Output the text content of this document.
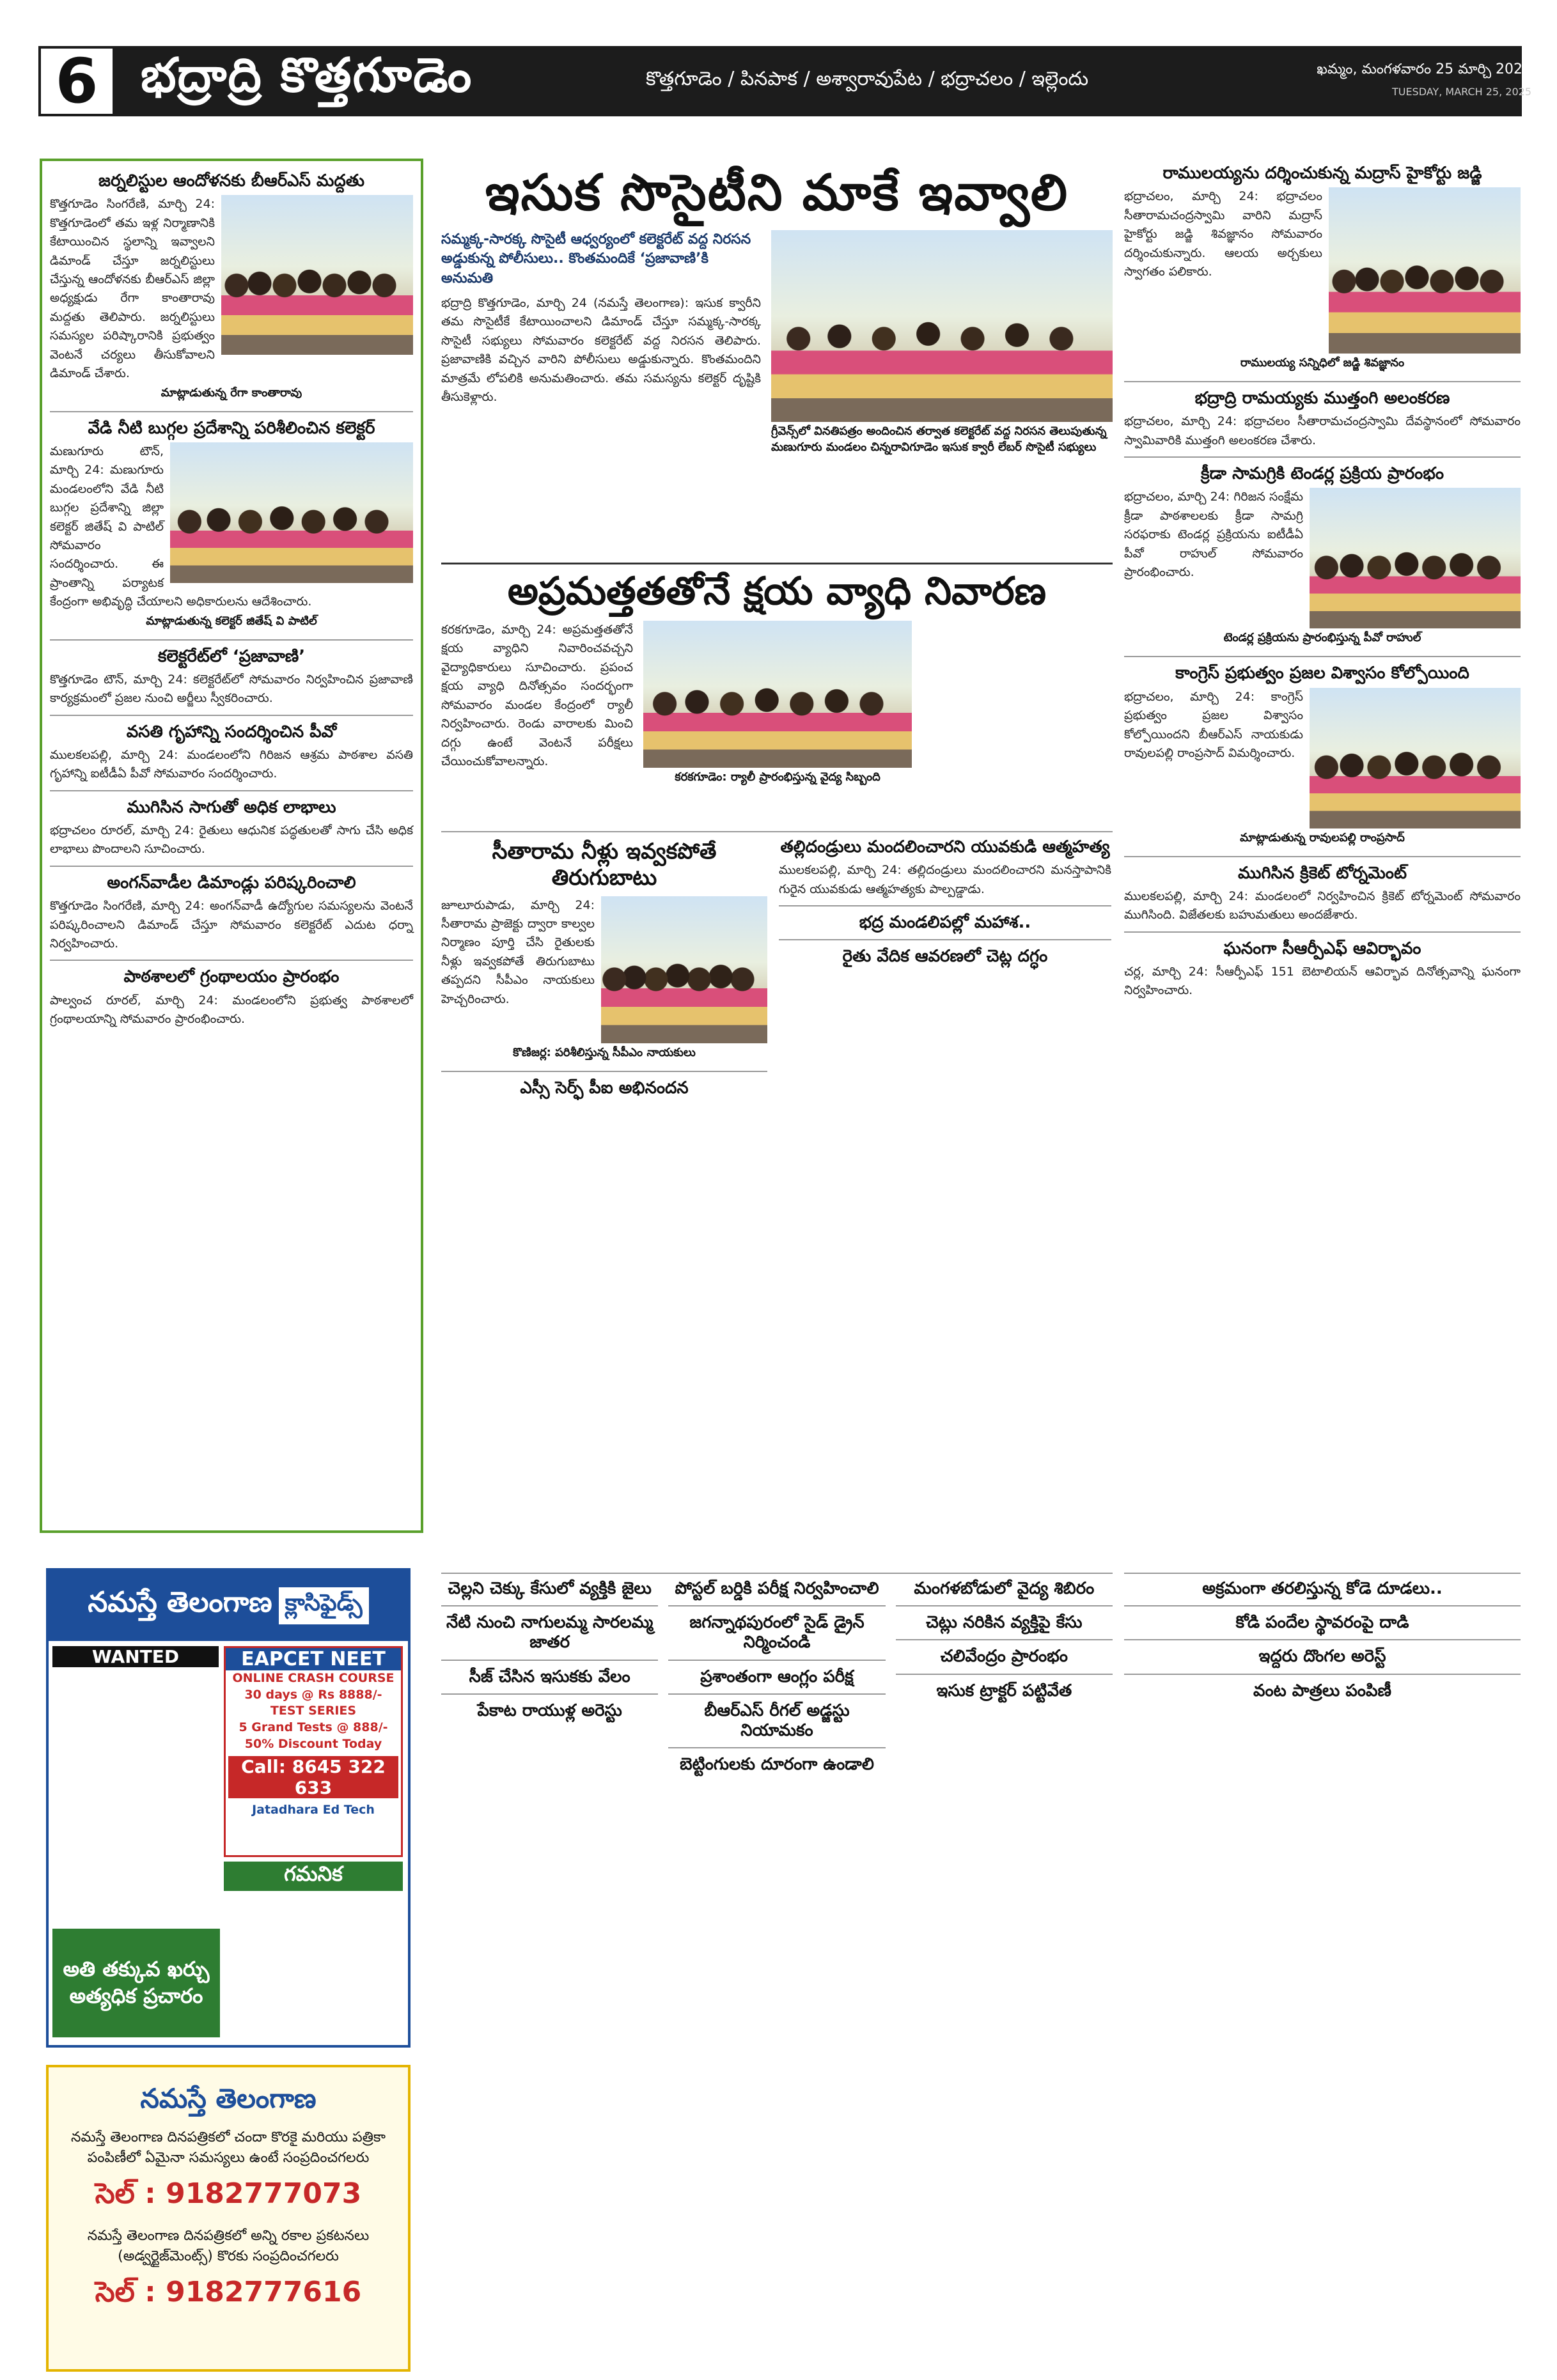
6 భద్రాద్రి కొత్తగూడెం	కొత్తగూడెం / పినపాక / అశ్వారావుపేట / భద్రాచలం / ఇల్లెందు	ఖమ్మం, మంగళవారం 25 మార్చి 2025
TUESDAY, MARCH 25, 2025
జర్నలిస్టుల ఆందోళనకు బీఆర్ఎస్ మద్దతు
కొత్తగూడెం సింగరేణి, మార్చి 24: కొత్తగూడెంలో తమ ఇళ్ల నిర్మాణానికి కేటాయించిన స్థలాన్ని ఇవ్వాలని డిమాండ్ చేస్తూ జర్నలిస్టులు చేస్తున్న ఆందోళనకు బీఆర్ఎస్ జిల్లా అధ్యక్షుడు రేగా కాంతారావు మద్దతు తెలిపారు. జర్నలిస్టులు సమస్యల పరిష్కారానికి ప్రభుత్వం వెంటనే చర్యలు తీసుకోవాలని డిమాండ్ చేశారు.
మాట్లాడుతున్న రేగా కాంతారావు
వేడి నీటి బుగ్గల ప్రదేశాన్ని పరిశీలించిన కలెక్టర్
మణుగూరు టౌన్, మార్చి 24: మణుగూరు మండలంలోని వేడి నీటి బుగ్గల ప్రదేశాన్ని జిల్లా కలెక్టర్ జితేష్ వి పాటిల్ సోమవారం సందర్శించారు. ఈ ప్రాంతాన్ని పర్యాటక కేంద్రంగా అభివృద్ధి చేయాలని అధికారులను ఆదేశించారు.
మాట్లాడుతున్న కలెక్టర్ జితేష్ వి పాటిల్
కలెక్టరేట్‌లో ‘ప్రజావాణి’
కొత్తగూడెం టౌన్, మార్చి 24: కలెక్టరేట్‌లో సోమవారం నిర్వహించిన ప్రజావాణి కార్యక్రమంలో ప్రజల నుంచి అర్జీలు స్వీకరించారు.
వసతి గృహాన్ని సందర్శించిన పీవో
ములకలపల్లి, మార్చి 24: మండలంలోని గిరిజన ఆశ్రమ పాఠశాల వసతి గృహాన్ని ఐటీడీఏ పీవో సోమవారం సందర్శించారు.
ముగిసిన సాగుతో అధిక లాభాలు
భద్రాచలం రూరల్, మార్చి 24: రైతులు ఆధునిక పద్ధతులతో సాగు చేసి అధిక లాభాలు పొందాలని సూచించారు.
అంగన్‌వాడీల డిమాండ్లు పరిష్కరించాలి
కొత్తగూడెం సింగరేణి, మార్చి 24: అంగన్‌వాడీ ఉద్యోగుల సమస్యలను వెంటనే పరిష్కరించాలని డిమాండ్ చేస్తూ సోమవారం కలెక్టరేట్ ఎదుట ధర్నా నిర్వహించారు.
పాఠశాలలో గ్రంథాలయం ప్రారంభం
పాల్వంచ రూరల్, మార్చి 24: మండలంలోని ప్రభుత్వ పాఠశాలలో గ్రంథాలయాన్ని సోమవారం ప్రారంభించారు.
ఇసుక సొసైటీని మాకే ఇవ్వాలి
సమ్మక్క-సారక్క సొసైటీ ఆధ్వర్యంలో కలెక్టరేట్ వద్ద నిరసన అడ్డుకున్న పోలీసులు.. కొంతమందికే ‘ప్రజావాణి’కి అనుమతి
భద్రాద్రి కొత్తగూడెం, మార్చి 24 (నమస్తే తెలంగాణ): ఇసుక క్వారీని తమ సొసైటీకే కేటాయించాలని డిమాండ్ చేస్తూ సమ్మక్క-సారక్క సొసైటీ సభ్యులు సోమవారం కలెక్టరేట్ వద్ద నిరసన తెలిపారు. ప్రజావాణికి వచ్చిన వారిని పోలీసులు అడ్డుకున్నారు. కొంతమందిని మాత్రమే లోపలికి అనుమతించారు. తమ సమస్యను కలెక్టర్ దృష్టికి తీసుకెళ్లారు.
గ్రీవెన్స్‌లో వినతిపత్రం అందించిన తర్వాత కలెక్టరేట్ వద్ద నిరసన తెలుపుతున్న మణుగూరు మండలం చిన్నరావిగూడెం ఇసుక క్వారీ లేబర్ సొసైటీ సభ్యులు
అప్రమత్తతతోనే క్షయ వ్యాధి నివారణ
కరకగూడెం, మార్చి 24: అప్రమత్తతతోనే క్షయ వ్యాధిని నివారించవచ్చని వైద్యాధికారులు సూచించారు. ప్రపంచ క్షయ వ్యాధి దినోత్సవం సందర్భంగా సోమవారం మండల కేంద్రంలో ర్యాలీ నిర్వహించారు. రెండు వారాలకు మించి దగ్గు ఉంటే వెంటనే పరీక్షలు చేయించుకోవాలన్నారు.
కరకగూడెం: ర్యాలీ ప్రారంభిస్తున్న వైద్య సిబ్బంది
సీతారామ నీళ్లు ఇవ్వకపోతే తిరుగుబాటు
జూలూరుపాడు, మార్చి 24: సీతారామ ప్రాజెక్టు ద్వారా కాల్వల నిర్మాణం పూర్తి చేసి రైతులకు నీళ్లు ఇవ్వకపోతే తిరుగుబాటు తప్పదని సీపీఎం నాయకులు హెచ్చరించారు.
కొణిజర్ల: పరిశీలిస్తున్న సీపీఎం నాయకులు
ఎస్సీ సెర్ఫ్ పీఐ అభినందన
తల్లిదండ్రులు మందలించారని యువకుడి ఆత్మహత్య
ములకలపల్లి, మార్చి 24: తల్లిదండ్రులు మందలించారని మనస్తాపానికి గురైన యువకుడు ఆత్మహత్యకు పాల్పడ్డాడు.
భద్ర మండలిపల్లో మహాశ..
రైతు వేదిక ఆవరణలో చెట్ల దగ్ధం
చెల్లని చెక్కు కేసులో వ్యక్తికి జైలు
నేటి నుంచి నాగులమ్మ సారలమ్మ జాతర
సీజ్ చేసిన ఇసుకకు వేలం
పేకాట రాయుళ్ల అరెస్టు
పోస్టల్ బర్డికి పరీక్ష నిర్వహించాలి
జగన్నాథపురంలో సైడ్ డ్రైన్ నిర్మించండి
ప్రశాంతంగా ఆంగ్లం పరీక్ష
బీఆర్ఎస్ రీగల్ అడ్జస్టు నియామకం
బెట్టింగులకు దూరంగా ఉండాలి
మంగళబోడులో వైద్య శిబిరం
చెట్లు నరికిన వ్యక్తిపై కేసు
చలివేంద్రం ప్రారంభం
ఇసుక ట్రాక్టర్ పట్టివేత
రాములయ్యను దర్శించుకున్న మద్రాస్ హైకోర్టు జడ్జి
భద్రాచలం, మార్చి 24: భద్రాచలం సీతారామచంద్రస్వామి వారిని మద్రాస్ హైకోర్టు జడ్జి శివజ్ఞానం సోమవారం దర్శించుకున్నారు. ఆలయ అర్చకులు స్వాగతం పలికారు.
రాములయ్య సన్నిధిలో జడ్జి శివజ్ఞానం
భద్రాద్రి రామయ్యకు ముత్తంగి అలంకరణ
భద్రాచలం, మార్చి 24: భద్రాచలం సీతారామచంద్రస్వామి దేవస్థానంలో సోమవారం స్వామివారికి ముత్తంగి అలంకరణ చేశారు.
క్రీడా సామగ్రికి టెండర్ల ప్రక్రియ ప్రారంభం
భద్రాచలం, మార్చి 24: గిరిజన సంక్షేమ క్రీడా పాఠశాలలకు క్రీడా సామగ్రి సరఫరాకు టెండర్ల ప్రక్రియను ఐటీడీఏ పీవో రాహుల్ సోమవారం ప్రారంభించారు.
టెండర్ల ప్రక్రియను ప్రారంభిస్తున్న పీవో రాహుల్
కాంగ్రెస్ ప్రభుత్వం ప్రజల విశ్వాసం కోల్పోయింది
భద్రాచలం, మార్చి 24: కాంగ్రెస్ ప్రభుత్వం ప్రజల విశ్వాసం కోల్పోయిందని బీఆర్ఎస్ నాయకుడు రావులపల్లి రాంప్రసాద్ విమర్శించారు.
మాట్లాడుతున్న రావులపల్లి రాంప్రసాద్
ముగిసిన క్రికెట్ టోర్నమెంట్
ములకలపల్లి, మార్చి 24: మండలంలో నిర్వహించిన క్రికెట్ టోర్నమెంట్ సోమవారం ముగిసింది. విజేతలకు బహుమతులు అందజేశారు.
ఘనంగా సీఆర్పీఎఫ్ ఆవిర్భావం
చర్ల, మార్చి 24: సీఆర్పీఎఫ్ 151 బెటాలియన్ ఆవిర్భావ దినోత్సవాన్ని ఘనంగా నిర్వహించారు.
అక్రమంగా తరలిస్తున్న కోడె దూడలు..
కోడి పందేల స్థావరంపై దాడి
ఇద్దరు దొంగల అరెస్ట్
వంట పాత్రలు పంపిణీ
నమస్తే తెలంగాణ క్లాసిఫైడ్స్
WANTED	EAPCET NEET
ONLINE CRASH COURSE
30 days @ Rs 8888/-
TEST SERIES
5 Grand Tests @ 888/-
50% Discount Today
Call: 8645 322 633
Jatadhara Ed Tech
గమనిక
అతి తక్కువ ఖర్చు అత్యధిక ప్రచారం
నమస్తే తెలంగాణ
నమస్తే తెలంగాణ దినపత్రికలో చందా కొరకై మరియు పత్రికా పంపిణీలో ఏమైనా సమస్యలు ఉంటే సంప్రదించగలరు
సెల్ : 9182777073
నమస్తే తెలంగాణ దినపత్రికలో అన్ని రకాల ప్రకటనలు (అడ్వర్టైజ్‌మెంట్స్) కొరకు సంప్రదించగలరు
సెల్ : 9182777616
